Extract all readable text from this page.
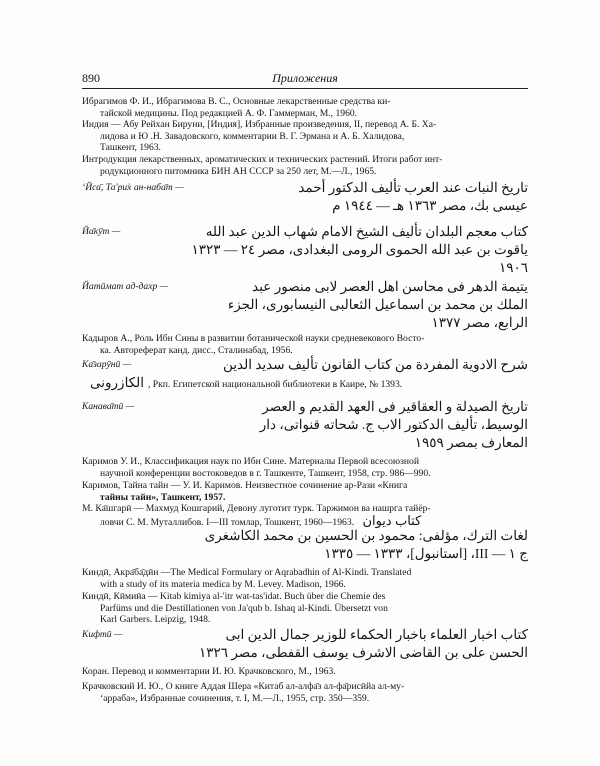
890	Приложения
Ибрагимов Ф. И., Ибрагимова В. С., Основные лекарственные средства ки-
тайской медицины. Под редакцией А. Ф. Гаммерман, М., 1960.
Индия — Абу Рейхан Бируни, [Индия], Избранные произведения, II, перевод А. Б. Ха-
лидова и Ю .Н. Завадовского, комментарии В. Г. Эрмана и А. Б. Халидова,
Ташкент, 1963.
Интродукция лекарственных, ароматических и технических растений. Итоги работ инт-
родукционного питомника БИН АН СССР за 250 лет, М.—Л., 1965.
ʻЙса̄, Та'ри̇х ан-наба̄т —	تاريخ النبات عند العرب تأليف الدكتور أحمد
عيسى بك، مصر ١٣٦٣ هـ — ١٩٤٤ م
Йа̄кӯт —	كتاب معجم البلدان تأليف الشيخ الامام شهاب الدين عبد الله
ياقوت بن عبد الله الحموى الرومى البغدادى، مصر ٢٤ — ١٣٢٣
١٩٠٦
Йатӣмат ад-дахр —	يتيمة الدهر فى محاسن اهل العصر لابى منصور عبد
الملك بن محمد بن اسماعيل الثعالبى النيسابورى، الجزء
الرابع، مصر ١٣٧٧
Кадыров А., Роль Ибн Сины в развитии ботанической науки средневекового Восто-
ка. Автореферат канд. дисс., Сталинабад, 1956.
Ка̄зарӯнӣ —	شرح الادوية المفردة من كتاب القانون تأليف سديد الدين
الكازرونى , Ркп. Египетской национальной библиотеки в Каире, № 1393.
Канава̄тӣ —	تاريخ الصيدلة و العقاقير فى العهد القديم و العصر
الوسيط، تأليف الدكتور الاب ج. شحاته قنواتى، دار
المعارف بمصر ١٩٥٩
Каримов У. И., Классификация наук по Ибн Сине. Материалы Первой всесоюзной
научной конференции востоковедов в г. Ташкенте, Ташкент, 1958, стр. 986—990.
Каримов, Тайна тайн — У. И. Каримов. Неизвестное сочинение ар-Рази «Книга
тайны тайн», Ташкент, 1957.
М. Ка̄шгарӣ — Махмуд Кошгарий, Девону луготит турк. Таржимон ва нашрга тайёр-
ловчи С. М. Муталлибов. I—III томлар, Тошкент, 1960—1963. كتاب ديوان
لغات الترك، مؤلفى: محمود بن الحسين بن محمد الكاشغرى
ج ١ — III، [استانبول]، ١٣٣٣ — ١٣٣٥
Киндӣ, Акра̄ба̄дӣн —The Medical Formulary or Aqrabadhin of Al-Kindi. Translated
with a study of its materia medica by M. Levey. Madison, 1966.
Киндӣ, Кӣмиӣа — Kitab kimiya al-'itr wat-tas'idat. Buch über die Chemie des
Parfüms und die Destillationen von Ja'qub b. Ishaq al-Kindi. Übersetzt von
Karl Garbers. Leipzig, 1948.
Кифтӣ —	كتاب اخبار العلماء باخبار الحكماء للوزير جمال الدين ابى
الحسن على بن القاضى الاشرف يوسف القفطى، مصر ١٣٢٦
Коран. Перевод и комментарии И. Ю. Крачковского, М., 1963.
Крачковский И. Ю., О книге Аддая Шера «Китаб ал-алфа̄з ал-фа̄рисӣйа ал-му-
ʻарраба», Избранные сочинения, т. I, М.—Л., 1955, стр. 350—359.
